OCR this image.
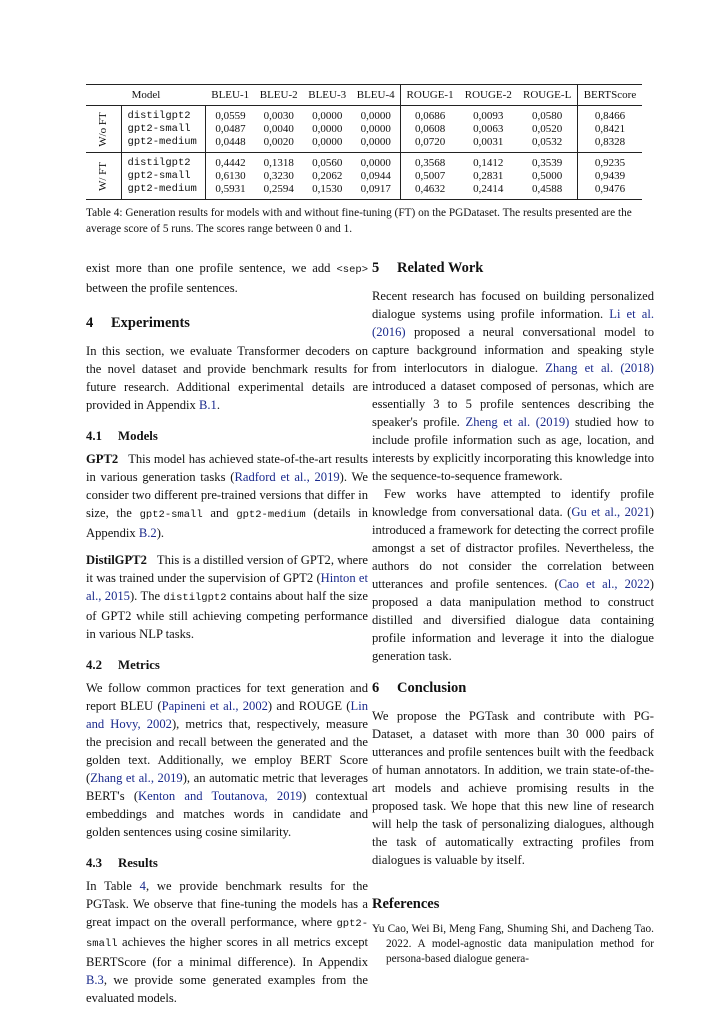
Model		BLEU-1	BLEU-2	BLEU-3	BLEU-4	ROUGE-1	ROUGE-2	ROUGE-L	BERTScore

W/o FT	distilgpt2	0,0559	0,0030	0,0000	0,0000	0,0686	0,0093	0,0580	0,8466
	gpt2-small	0,0487	0,0040	0,0000	0,0000	0,0608	0,0063	0,0520	0,8421
	gpt2-medium	0,0448	0,0020	0,0000	0,0000	0,0720	0,0031	0,0532	0,8328

W/ FT	distilgpt2	0,4442	0,1318	0,0560	0,0000	0,3568	0,1412	0,3539	0,9235
	gpt2-small	0,6130	0,3230	0,2062	0,0944	0,5007	0,2831	0,5000	0,9439
	gpt2-medium	0,5931	0,2594	0,1530	0,0917	0,4632	0,2414	0,4588	0,9476
Table 4: Generation results for models with and without fine-tuning (FT) on the PGDataset. The results presented are the average score of 5 runs. The scores range between 0 and 1.

exist more than one profile sentence, we add <sep> between the profile sentences.

4 Experiments

In this section, we evaluate Transformer decoders on the novel dataset and provide benchmark results for future research. Additional experimental details are provided in Appendix B.1.

4.1 Models

GPT2 This model has achieved state-of-the-art results in various generation tasks (Radford et al., 2019). We consider two different pre-trained versions that differ in size, the gpt2-small and gpt2-medium (details in Appendix B.2).

DistilGPT2 This is a distilled version of GPT2, where it was trained under the supervision of GPT2 (Hinton et al., 2015). The distilgpt2 contains about half the size of GPT2 while still achieving competing performance in various NLP tasks.

4.2 Metrics

We follow common practices for text generation and report BLEU (Papineni et al., 2002) and ROUGE (Lin and Hovy, 2002), metrics that, respectively, measure the precision and recall between the generated and the golden text. Additionally, we employ BERT Score (Zhang et al., 2019), an automatic metric that leverages BERT's (Kenton and Toutanova, 2019) contextual embeddings and matches words in candidate and golden sentences using cosine similarity.

4.3 Results

In Table 4, we provide benchmark results for the PGTask. We observe that fine-tuning the models has a great impact on the overall performance, where gpt2-small achieves the higher scores in all metrics except BERTScore (for a minimal difference). In Appendix B.3, we provide some generated examples from the evaluated models.

5 Related Work

Recent research has focused on building personalized dialogue systems using profile information. Li et al. (2016) proposed a neural conversational model to capture background information and speaking style from interlocutors in dialogue. Zhang et al. (2018) introduced a dataset composed of personas, which are essentially 3 to 5 profile sentences describing the speaker's profile. Zheng et al. (2019) studied how to include profile information such as age, location, and interests by explicitly incorporating this knowledge into the sequence-to-sequence framework.

Few works have attempted to identify profile knowledge from conversational data. (Gu et al., 2021) introduced a framework for detecting the correct profile amongst a set of distractor profiles. Nevertheless, the authors do not consider the correlation between utterances and profile sentences. (Cao et al., 2022) proposed a data manipulation method to construct distilled and diversified dialogue data containing profile information and leverage it into the dialogue generation task.

6 Conclusion

We propose the PGTask and contribute with PG-Dataset, a dataset with more than 30 000 pairs of utterances and profile sentences built with the feedback of human annotators. In addition, we train state-of-the-art models and achieve promising results in the proposed task. We hope that this new line of research will help the task of personalizing dialogues, although the task of automatically extracting profiles from dialogues is valuable by itself.

References

Yu Cao, Wei Bi, Meng Fang, Shuming Shi, and Dacheng Tao. 2022. A model-agnostic data manipulation method for persona-based dialogue genera-
